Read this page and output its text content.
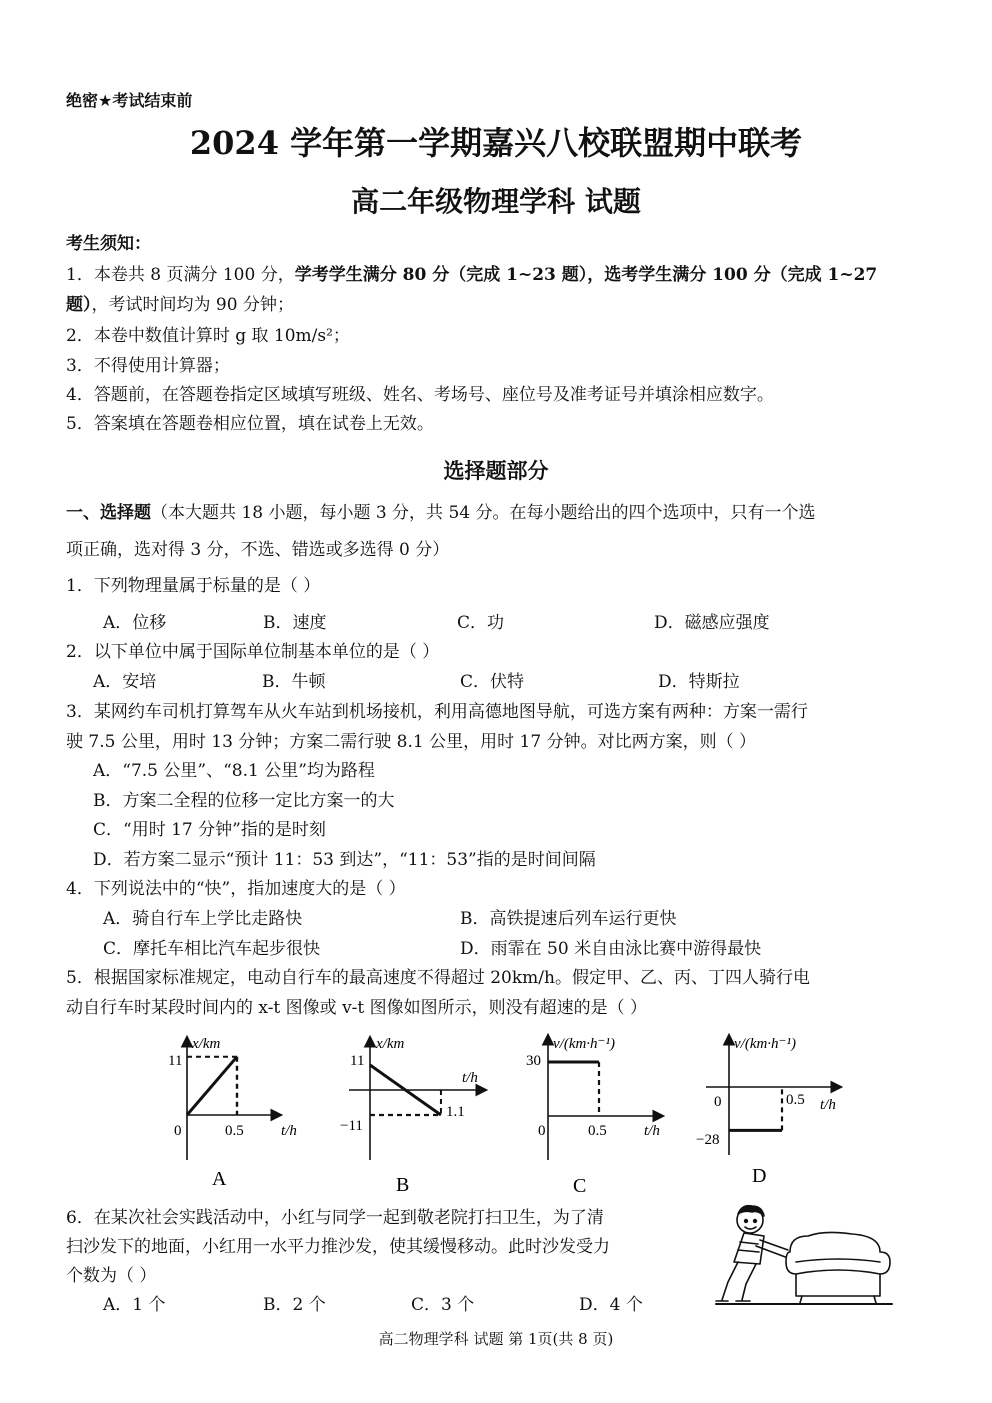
绝密★考试结束前
2024 学年第一学期嘉兴八校联盟期中联考
高二年级物理学科 试题
考生须知：
1．本卷共 8 页满分 100 分，学考学生满分 80 分（完成 1~23 题），选考学生满分 100 分（完成 1~27
题），考试时间均为 90 分钟；
2．本卷中数值计算时 g 取 10m/s²；
3．不得使用计算器；
4．答题前，在答题卷指定区域填写班级、姓名、考场号、座位号及准考证号并填涂相应数字。
5．答案填在答题卷相应位置，填在试卷上无效。
选择题部分
一、选择题（本大题共 18 小题，每小题 3 分，共 54 分。在每小题给出的四个选项中，只有一个选
项正确，选对得 3 分，不选、错选或多选得 0 分）
1．下列物理量属于标量的是（ ）
A．位移	B．速度	C．功	D．磁感应强度
2．以下单位中属于国际单位制基本单位的是（ ）
A．安培	B．牛顿	C．伏特	D．特斯拉
3．某网约车司机打算驾车从火车站到机场接机，利用高德地图导航，可选方案有两种：方案一需行
驶 7.5 公里，用时 13 分钟；方案二需行驶 8.1 公里，用时 17 分钟。对比两方案，则（ ）
A．“7.5 公里”、“8.1 公里”均为路程
B．方案二全程的位移一定比方案一的大
C．“用时 17 分钟”指的是时刻
D．若方案二显示“预计 11：53 到达”，“11：53”指的是时间间隔
4．下列说法中的“快”，指加速度大的是（ ）
A．骑自行车上学比走路快	B．高铁提速后列车运行更快
C．摩托车相比汽车起步很快	D．雨霏在 50 米自由泳比赛中游得最快
5．根据国家标准规定，电动自行车的最高速度不得超过 20km/h。假定甲、乙、丙、丁四人骑行电
动自行车时某段时间内的 x-t 图像或 v-t 图像如图所示，则没有超速的是（ ）
x/km
11
0	0.5 t/h
A
x/km
11
−11
1.1
t/h
B
v/(km·h⁻¹)
30
0	0.5 t/h
C
v/(km·h⁻¹)
0
−28
0.5 t/h
D
6．在某次社会实践活动中，小红与同学一起到敬老院打扫卫生，为了清
扫沙发下的地面，小红用一水平力推沙发，使其缓慢移动。此时沙发受力
个数为（ ）
A．1 个	B．2 个	C．3 个	D．4 个
高二物理学科 试题 第 1页(共 8 页)
